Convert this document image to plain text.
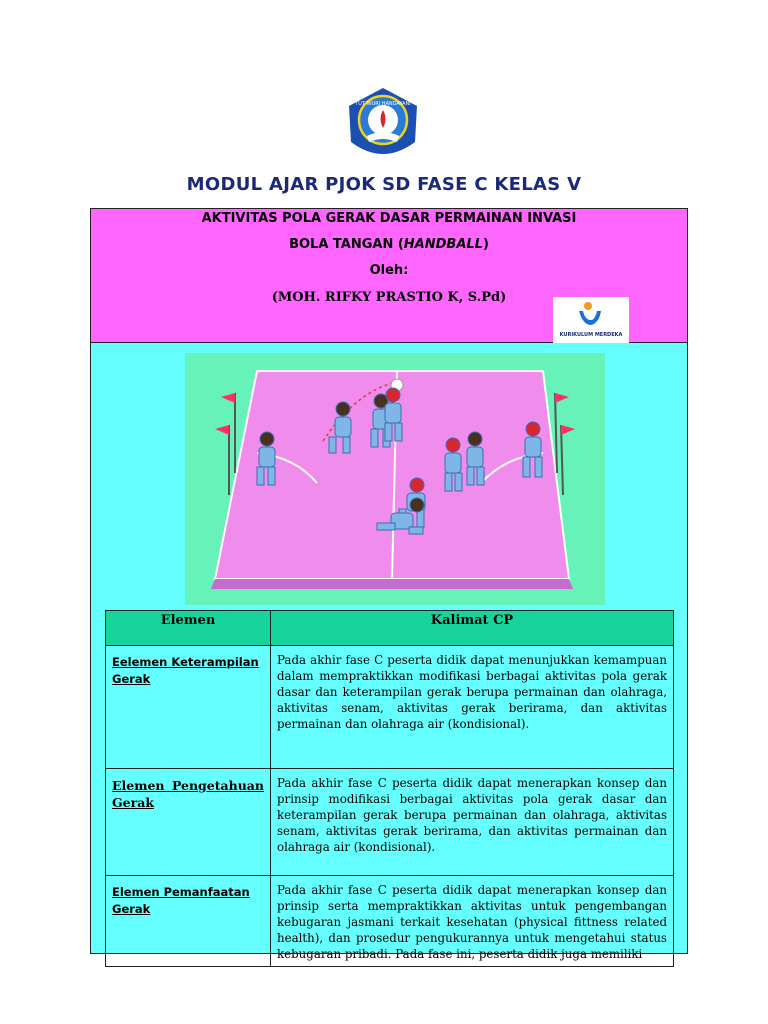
TUT WURI HANDAYANI
MODUL AJAR PJOK SD FASE C KELAS V
AKTIVITAS POLA GERAK DASAR PERMAINAN INVASI
BOLA TANGAN (HANDBALL)
Oleh:
(MOH. RIFKY PRASTIO K, S.Pd)
KURIKULUM MERDEKA
Elemen	Kalimat CP
Eelemen Keterampilan Gerak	Pada akhir fase C peserta didik dapat menunjukkan kemampuan dalam mempraktikkan modifikasi berbagai aktivitas pola gerak dasar dan keterampilan gerak berupa permainan dan olahraga, aktivitas senam, aktivitas gerak berirama, dan aktivitas permainan dan olahraga air (kondisional).
Elemen Pengetahuan Gerak	Pada akhir fase C peserta didik dapat menerapkan konsep dan prinsip modifikasi berbagai aktivitas pola gerak dasar dan keterampilan gerak berupa permainan dan olahraga, aktivitas senam, aktivitas gerak berirama, dan aktivitas permainan dan olahraga air (kondisional).
Elemen Pemanfaatan Gerak	Pada akhir fase C peserta didik dapat menerapkan konsep dan prinsip serta mempraktikkan aktivitas untuk pengembangan kebugaran jasmani terkait kesehatan (physical fittness related health), dan prosedur pengukurannya untuk mengetahui status kebugaran pribadi. Pada fase ini, peserta didik juga memiliki
